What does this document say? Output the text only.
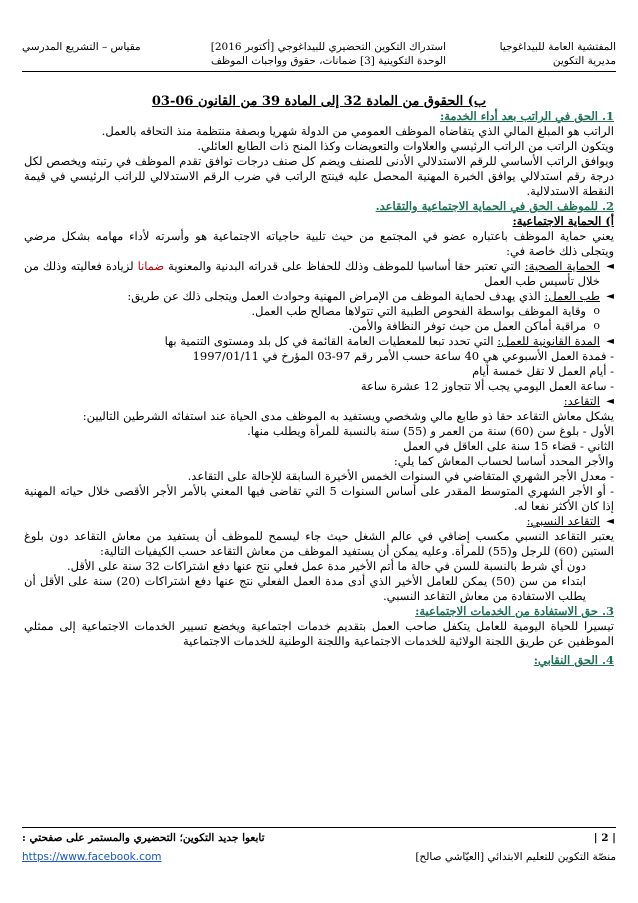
المفتشية العامة للبيداغوجيا
مديرية التكوين
استدراك التكوين التحضيري للبيداغوجي [أكتوبر 2016]
الوحدة التكوينية [3] ضمانات، حقوق وواجبات الموظف
مقياس – التشريع المدرسي

ب) الحقوق من المادة 32 إلى المادة 39 من القانون 06-03

1. الحق في الراتب بعد أداء الخدمة:

الراتب هو المبلغ المالي الذي يتقاضاه الموظف العمومي من الدولة شهريا وبصفة منتظمة منذ التحاقه بالعمل.

ويتكون الراتب من الراتب الرئيسي والعلاوات والتعويضات وكذا المنح ذات الطابع العائلي.

ويوافق الراتب الأساسي للرقم الاستدلالي الأدنى للصنف ويضم كل صنف درجات توافق تقدم الموظف في رتبته ويخصص لكل درجة رقم استدلالي يوافق الخبرة المهنية المحصل عليه فينتج الراتب في ضرب الرقم الاستدلالي للراتب الرئيسي في قيمة النقطة الاستدلالية.

2. للموظف الحق في الحماية الاجتماعية والتقاعد.

أ) الحماية الاجتماعية:

يعني حماية الموظف باعتباره عضو في المجتمع من حيث تلبية حاجياته الاجتماعية هو وأسرته لأداء مهامه بشكل مرضي ويتجلى ذلك خاصة في:

◄ الحماية الصحية: التي تعتبر حقا أساسيا للموظف وذلك للحفاظ على قدراته البدنية والمعنوية ضمانا لزيادة فعاليته وذلك من خلال تأسيس طب العمل

◄ طب العمل: الذي يهدف لحماية الموظف من الإمراض المهنية وحوادث العمل ويتجلى ذلك عن طريق:

o وقاية الموظف بواسطة الفحوص الطبية التي تتولاها مصالح طب العمل.

o مراقبة أماكن العمل من حيث توفر النظافة والأمن.

◄ المدة القانونية للعمل: التي تحدد تبعا للمعطيات العامة القائمة في كل بلد ومستوى التنمية بها

- فمدة العمل الأسبوعي هي 40 ساعة حسب الأمر رقم 97-03 المؤرخ في 1997/01/11

- أيام العمل لا تقل خمسة أيام

- ساعة العمل اليومي يجب ألا تتجاوز 12 عشرة ساعة

◄ التقاعد:

يشكل معاش التقاعد حقا ذو طابع مالي وشخصي ويستفيد به الموظف مدى الحياة عند استفائه الشرطين التاليين:

الأول - بلوغ سن (60) سنة من العمر و (55) سنة بالنسبة للمرأة ويطلب منها.

الثاني - قضاء 15 سنة على العاقل في العمل

والأجر المحدد أساسا لحساب المعاش كما يلي:

- معدل الأجر الشهري المتقاضي في السنوات الخمس الأخيرة السابقة للإحالة على التقاعد.

- أو الأجر الشهري المتوسط المقدر على أساس السنوات 5 التي تقاضى فيها المعني بالأمر الأجر الأقصى خلال حياته المهنية إذا كان الأكثر نفعا له.

◄ التقاعد النسبي:

يعتبر التقاعد النسبي مكسب إضافي في عالم الشغل حيث جاء ليسمح للموظف أن يستفيد من معاش التقاعد دون بلوغ الستين (60) للرجل و(55) للمرأة. وعليه يمكن أن يستفيد الموظف من معاش التقاعد حسب الكيفيات التالية:

دون أي شرط بالنسبة للسن في حالة ما أتم الأخير مدة عمل فعلي نتج عنها دفع اشتراكات 32 سنة على الأقل.

ابتداء من سن (50) يمكن للعامل الأخير الذي أدى مدة العمل الفعلي نتج عنها دفع اشتراكات (20) سنة على الأقل أن يطلب الاستفادة من معاش التقاعد النسبي.

3. حق الاستفادة من الخدمات الاجتماعية:

تيسيرا للحياة اليومية للعامل يتكفل صاحب العمل بتقديم خدمات اجتماعية ويخضع تسيير الخدمات الاجتماعية إلى ممثلي الموظفين عن طريق اللجنة الولائية للخدمات الاجتماعية واللجنة الوطنية للخدمات الاجتماعية

4. الحق النقابي:

| 2 |
تابعوا جديد التكوين؛ التحضيري والمستمر على صفحتي :
منصّة التكوين للتعليم الابتدائي [العيّاشي صالح]
https://www.facebook.com
